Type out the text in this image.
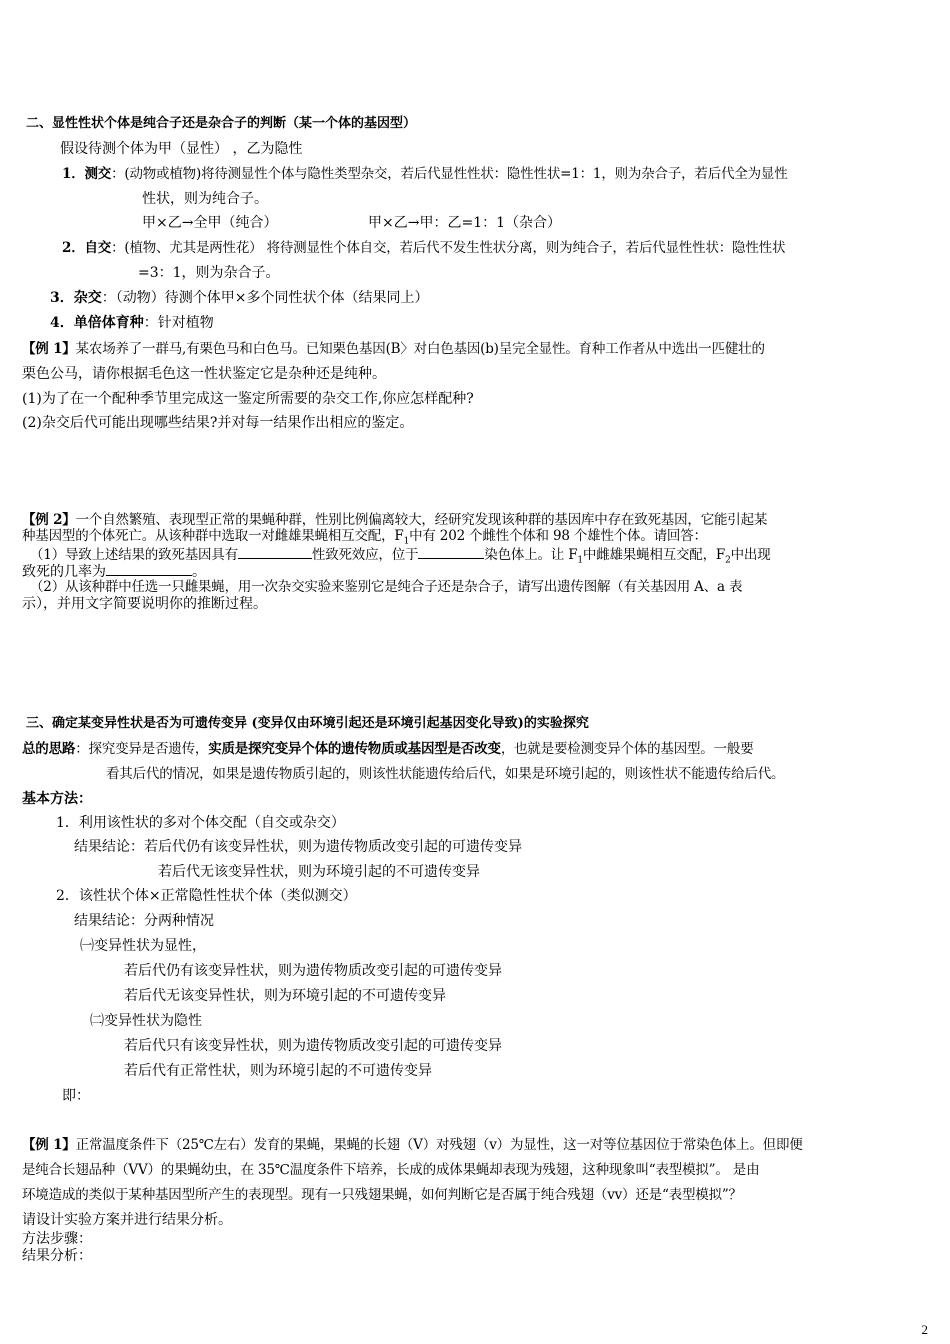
二、显性性状个体是纯合子还是杂合子的判断（某一个体的基因型）
假设待测个体为甲（显性） ，乙为隐性
1．测交：(动物或植物)将待测显性个体与隐性类型杂交，若后代显性性状：隐性性状=1：1，则为杂合子，若后代全为显性
性状，则为纯合子。
甲×乙→全甲（纯合）	甲×乙→甲：乙=1：1（杂合）
2．自交：(植物、尤其是两性花） 将待测显性个体自交，若后代不发生性状分离，则为纯合子，若后代显性性状：隐性性状
=3：1，则为杂合子。
3．杂交：（动物）待测个体甲×多个同性状个体（结果同上）
4．单倍体育种：针对植物
【例 1】某农场养了一群马,有栗色马和白色马。已知栗色基因(B〉对白色基因(b)呈完全显性。育种工作者从中选出一匹健壮的
栗色公马，请你根据毛色这一性状鉴定它是杂种还是纯种。
(1)为了在一个配种季节里完成这一鉴定所需要的杂交工作,你应怎样配种?
(2)杂交后代可能出现哪些结果?并对每一结果作出相应的鉴定。
【例 2】一个自然繁殖、表现型正常的果蝇种群，性别比例偏离较大，经研究发现该种群的基因库中存在致死基因，它能引起某
种基因型的个体死亡。从该种群中选取一对雌雄果蝇相互交配，$F_1$中有 202 个雌性个体和 98 个雄性个体。请回答：
（1）导致上述结果的致死基因具有	性致死效应，位于	染色体上。让 $F_1$中雌雄果蝇相互交配，$F_2$中出现
致死的几率为	。
（2）从该种群中任选一只雌果蝇，用一次杂交实验来鉴别它是纯合子还是杂合子，请写出遗传图解（有关基因用 A、a 表
示），并用文字简要说明你的推断过程。
三、确定某变异性状是否为可遗传变异 (变异仅由环境引起还是环境引起基因变化导致)的实验探究
总的思路：探究变异是否遗传，实质是探究变异个体的遗传物质或基因型是否改变，也就是要检测变异个体的基因型。一般要
看其后代的情况，如果是遗传物质引起的，则该性状能遗传给后代，如果是环境引起的，则该性状不能遗传给后代。
基本方法：
1．利用该性状的多对个体交配（自交或杂交）
结果结论：若后代仍有该变异性状，则为遗传物质改变引起的可遗传变异
若后代无该变异性状，则为环境引起的不可遗传变异
2．该性状个体×正常隐性性状个体（类似测交）
结果结论：分两种情况
㈠变异性状为显性，
若后代仍有该变异性状，则为遗传物质改变引起的可遗传变异
若后代无该变异性状，则为环境引起的不可遗传变异
㈡变异性状为隐性
若后代只有该变异性状，则为遗传物质改变引起的可遗传变异
若后代有正常性状，则为环境引起的不可遗传变异
即：
【例 1】正常温度条件下（25℃左右）发育的果蝇，果蝇的长翅（V）对残翅（v）为显性，这一对等位基因位于常染色体上。但即便
是纯合长翅品种（VV）的果蝇幼虫，在 35℃温度条件下培养，长成的成体果蝇却表现为残翅，这种现象叫“表型模拟”。 是由
环境造成的类似于某种基因型所产生的表现型。现有一只残翅果蝇，如何判断它是否属于纯合残翅（vv）还是“表型模拟”？
请设计实验方案并进行结果分析。
方法步骤：
结果分析：
2
